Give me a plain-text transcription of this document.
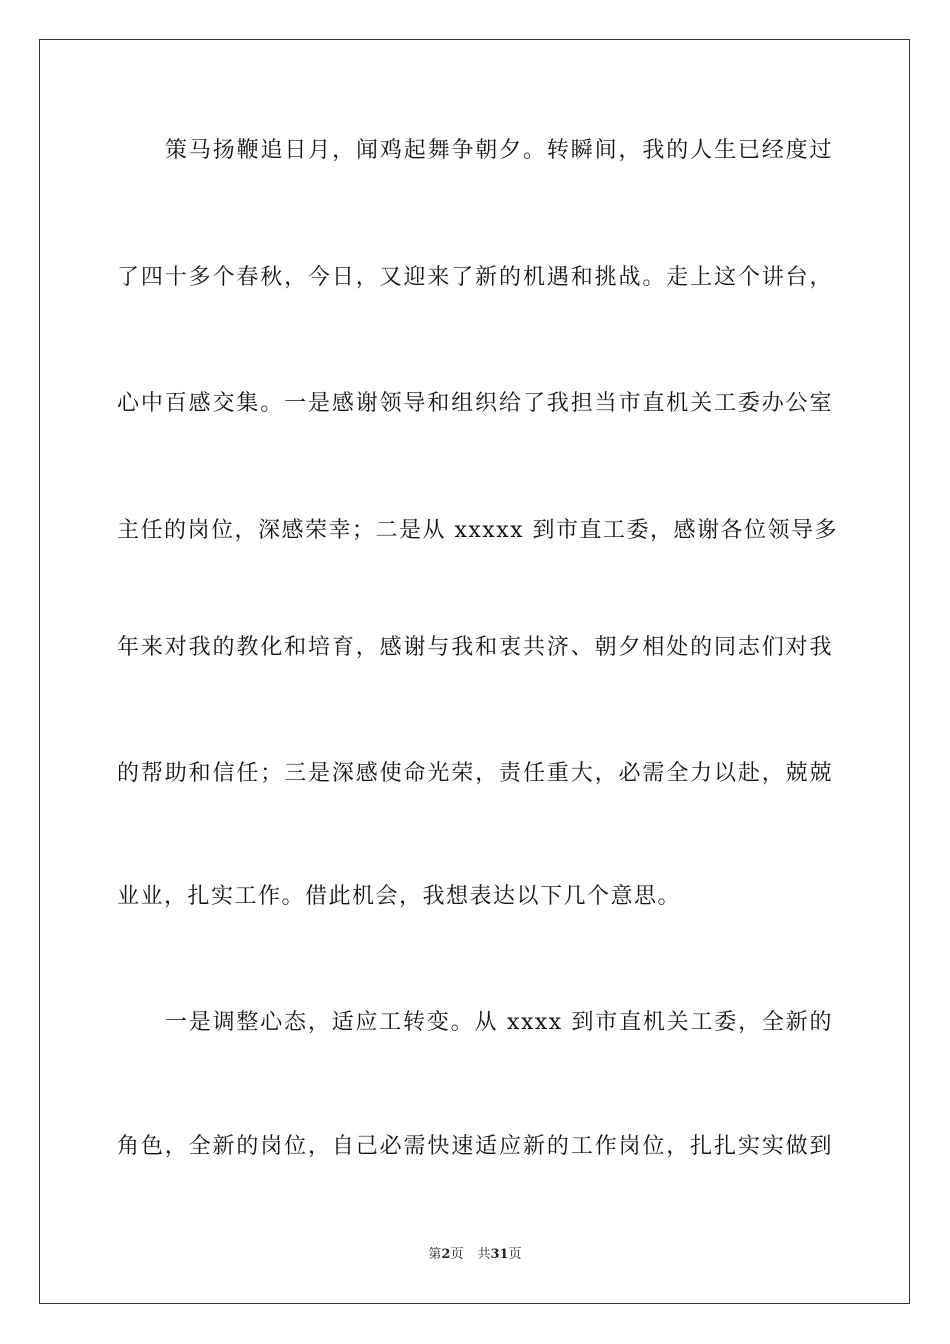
策马扬鞭追日月，闻鸡起舞争朝夕。转瞬间，我的人生已经度过
了四十多个春秋，今日，又迎来了新的机遇和挑战。走上这个讲台，
心中百感交集。一是感谢领导和组织给了我担当市直机关工委办公室
主任的岗位，深感荣幸；二是从 xxxxx 到市直工委，感谢各位领导多
年来对我的教化和培育，感谢与我和衷共济、朝夕相处的同志们对我
的帮助和信任；三是深感使命光荣，责任重大，必需全力以赴，兢兢
业业，扎实工作。借此机会，我想表达以下几个意思。
一是调整心态，适应工转变。从 xxxx 到市直机关工委，全新的
角色，全新的岗位，自己必需快速适应新的工作岗位，扎扎实实做到
第2页 共31页
